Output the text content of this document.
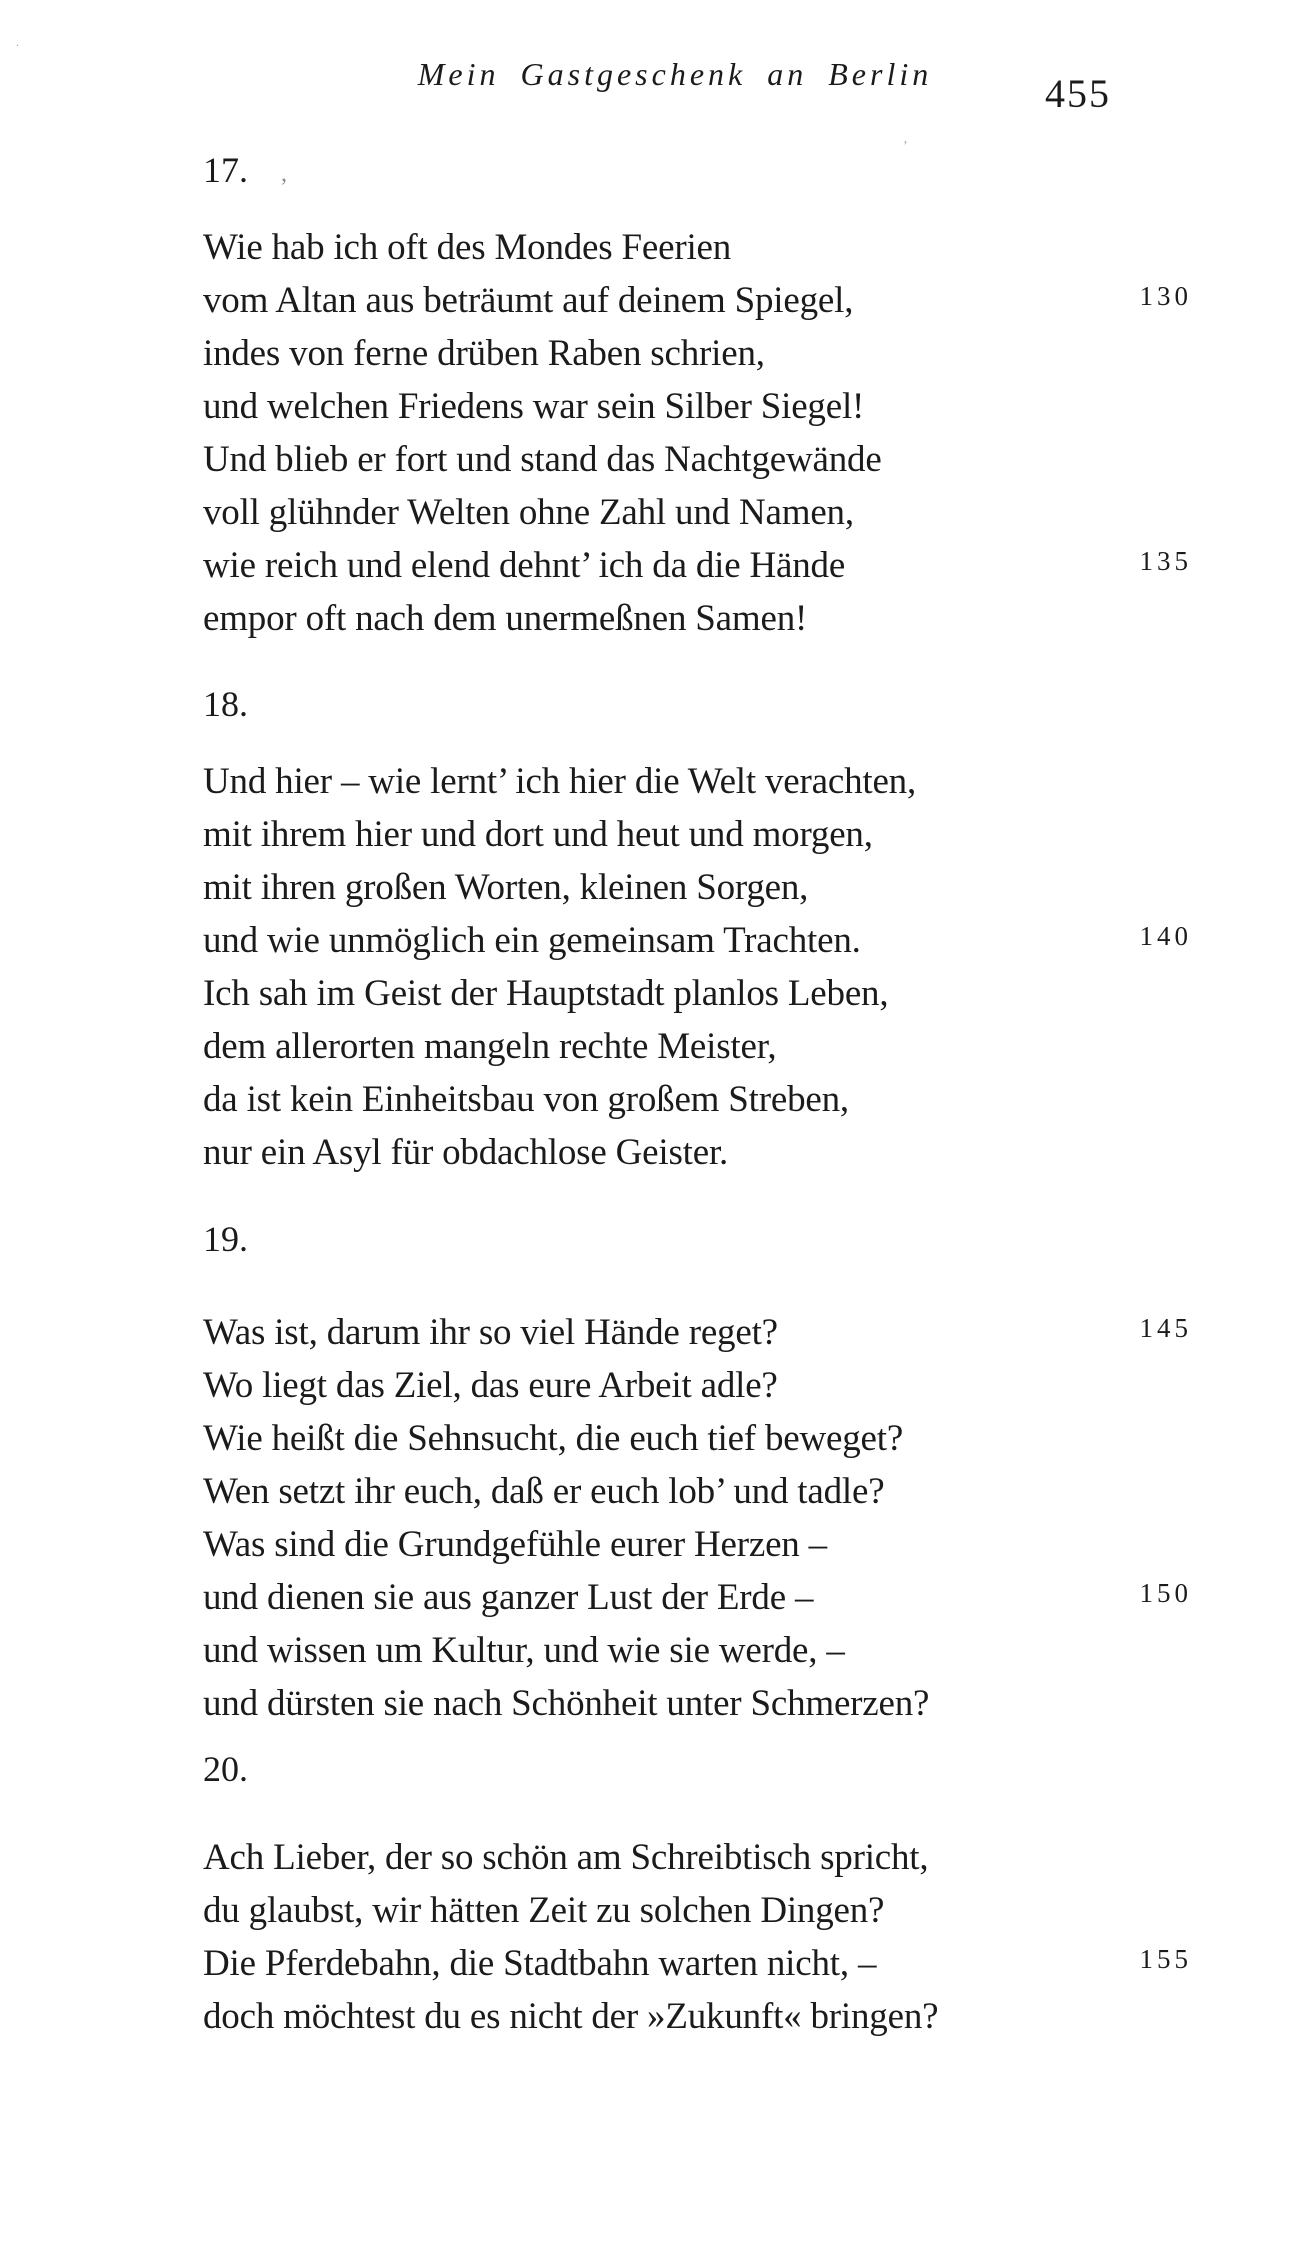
Mein Gastgeschenk an Berlin	455
17.
Wie hab ich oft des Mondes Feerien
vom Altan aus beträumt auf deinem Spiegel,	130
indes von ferne drüben Raben schrien,
und welchen Friedens war sein Silber Siegel!
Und blieb er fort und stand das Nachtgewände
voll glühnder Welten ohne Zahl und Namen,
wie reich und elend dehnt’ ich da die Hände	135
empor oft nach dem unermeßnen Samen!
18.
Und hier – wie lernt’ ich hier die Welt verachten,
mit ihrem hier und dort und heut und morgen,
mit ihren großen Worten, kleinen Sorgen,
und wie unmöglich ein gemeinsam Trachten.	140
Ich sah im Geist der Hauptstadt planlos Leben,
dem allerorten mangeln rechte Meister,
da ist kein Einheitsbau von großem Streben,
nur ein Asyl für obdachlose Geister.
19.
Was ist, darum ihr so viel Hände reget?	145
Wo liegt das Ziel, das eure Arbeit adle?
Wie heißt die Sehnsucht, die euch tief beweget?
Wen setzt ihr euch, daß er euch lob’ und tadle?
Was sind die Grundgefühle eurer Herzen –
und dienen sie aus ganzer Lust der Erde –	150
und wissen um Kultur, und wie sie werde, –
und dürsten sie nach Schönheit unter Schmerzen?
20.
Ach Lieber, der so schön am Schreibtisch spricht,
du glaubst, wir hätten Zeit zu solchen Dingen?
Die Pferdebahn, die Stadtbahn warten nicht, –	155
doch möchtest du es nicht der »Zukunft« bringen?
,
.
’
